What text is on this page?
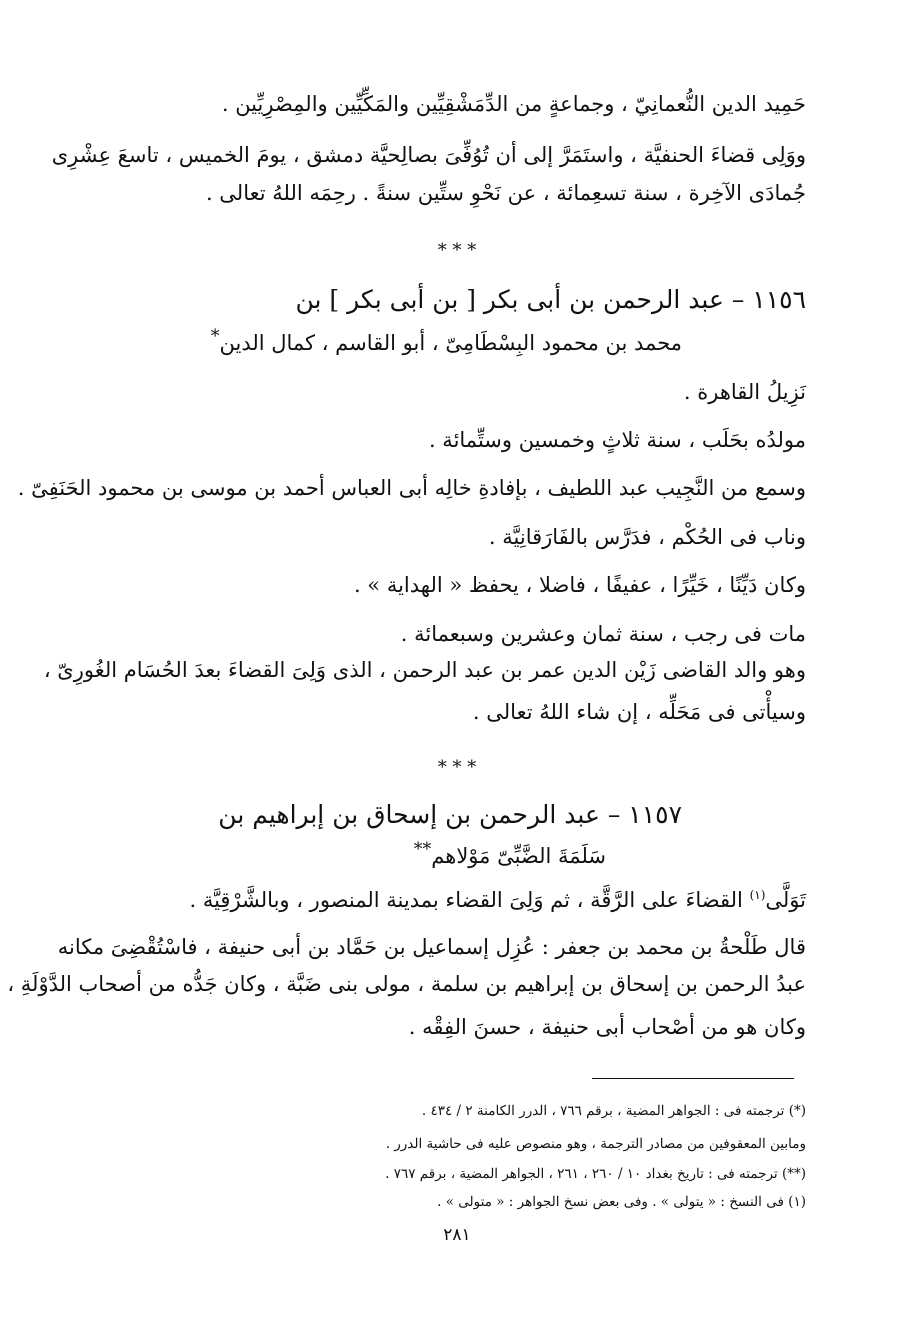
حَمِيد الدين النُّعمانِيّ ، وجماعةٍ من الدِّمَشْقِيِّين والمَكِّيِّين والمِصْرِيِّين .
ووَلِى قضاءَ الحنفيَّة ، واستَمَرَّ إلى أن تُوُفِّىَ بصالِحيَّة دمشق ، يومَ الخميس ، تاسعَ عِشْرِى
جُمادَى الآخِرة ، سنة تسعِمائة ، عن نَحْوِ ستِّين سنةً . رحِمَه اللهُ تعالى .
* * *
١١٥٦ – عبد الرحمن بن أبى بكر [ بن أبى بكر ] بن
محمد بن محمود البِسْطَامِىّ ، أبو القاسم ، كمال الدين*
نَزِيلُ القاهرة .
مولدُه بحَلَب ، سنة ثلاثٍ وخمسين وستِّمائة .
وسمع من النَّجِيب عبد اللطيف ، بإفادةِ خالِه أبى العباس أحمد بن موسى بن محمود الحَنَفِىّ .
وناب فى الحُكْم ، فدَرَّس بالفَارَقانِيَّة .
وكان دَيِّنًا ، خَيِّرًا ، عفيفًا ، فاضلا ، يحفظ « الهداية » .
مات فى رجب ، سنة ثمان وعشرين وسبعمائة .
وهو والد القاضى زَيْن الدين عمر بن عبد الرحمن ، الذى وَلِىَ القضاءَ بعدَ الحُسَام الغُورِىّ ،
وسيأْتى فى مَحَلِّه ، إن شاء اللهُ تعالى .
* * *
١١٥٧ – عبد الرحمن بن إسحاق بن إبراهيم بن
سَلَمَةَ الضَّبِّىّ مَوْلاهم**
تَوَلَّى$^{(١)}$ القضاءَ على الرَّقَّة ، ثم وَلِىَ القضاء بمدينة المنصور ، وبالشَّرْقِيَّة .
قال طَلْحةُ بن محمد بن جعفر : عُزِل إسماعيل بن حَمَّاد بن أبى حنيفة ، فاسْتُقْضِىَ مكانه
عبدُ الرحمن بن إسحاق بن إبراهيم بن سلمة ، مولى بنى ضَبَّة ، وكان جَدُّه من أصحاب الدَّوْلَةِ ،
وكان هو من أصْحاب أبى حنيفة ، حسنَ الفِقْه .
(*) ترجمته فى : الجواهر المضية ، برقم ٧٦٦ ، الدرر الكامنة ٢ / ٤٣٤ .
ومابين المعقوفين من مصادر الترجمة ، وهو منصوص عليه فى حاشية الدرر .
(**) ترجمته فى : تاريخ بغداد ١٠ / ٢٦٠ ، ٢٦١ ، الجواهر المضية ، برقم ٧٦٧ .
(١) فى النسخ : « يتولى » . وفى بعض نسخ الجواهر : « متولى » .
٢٨١
